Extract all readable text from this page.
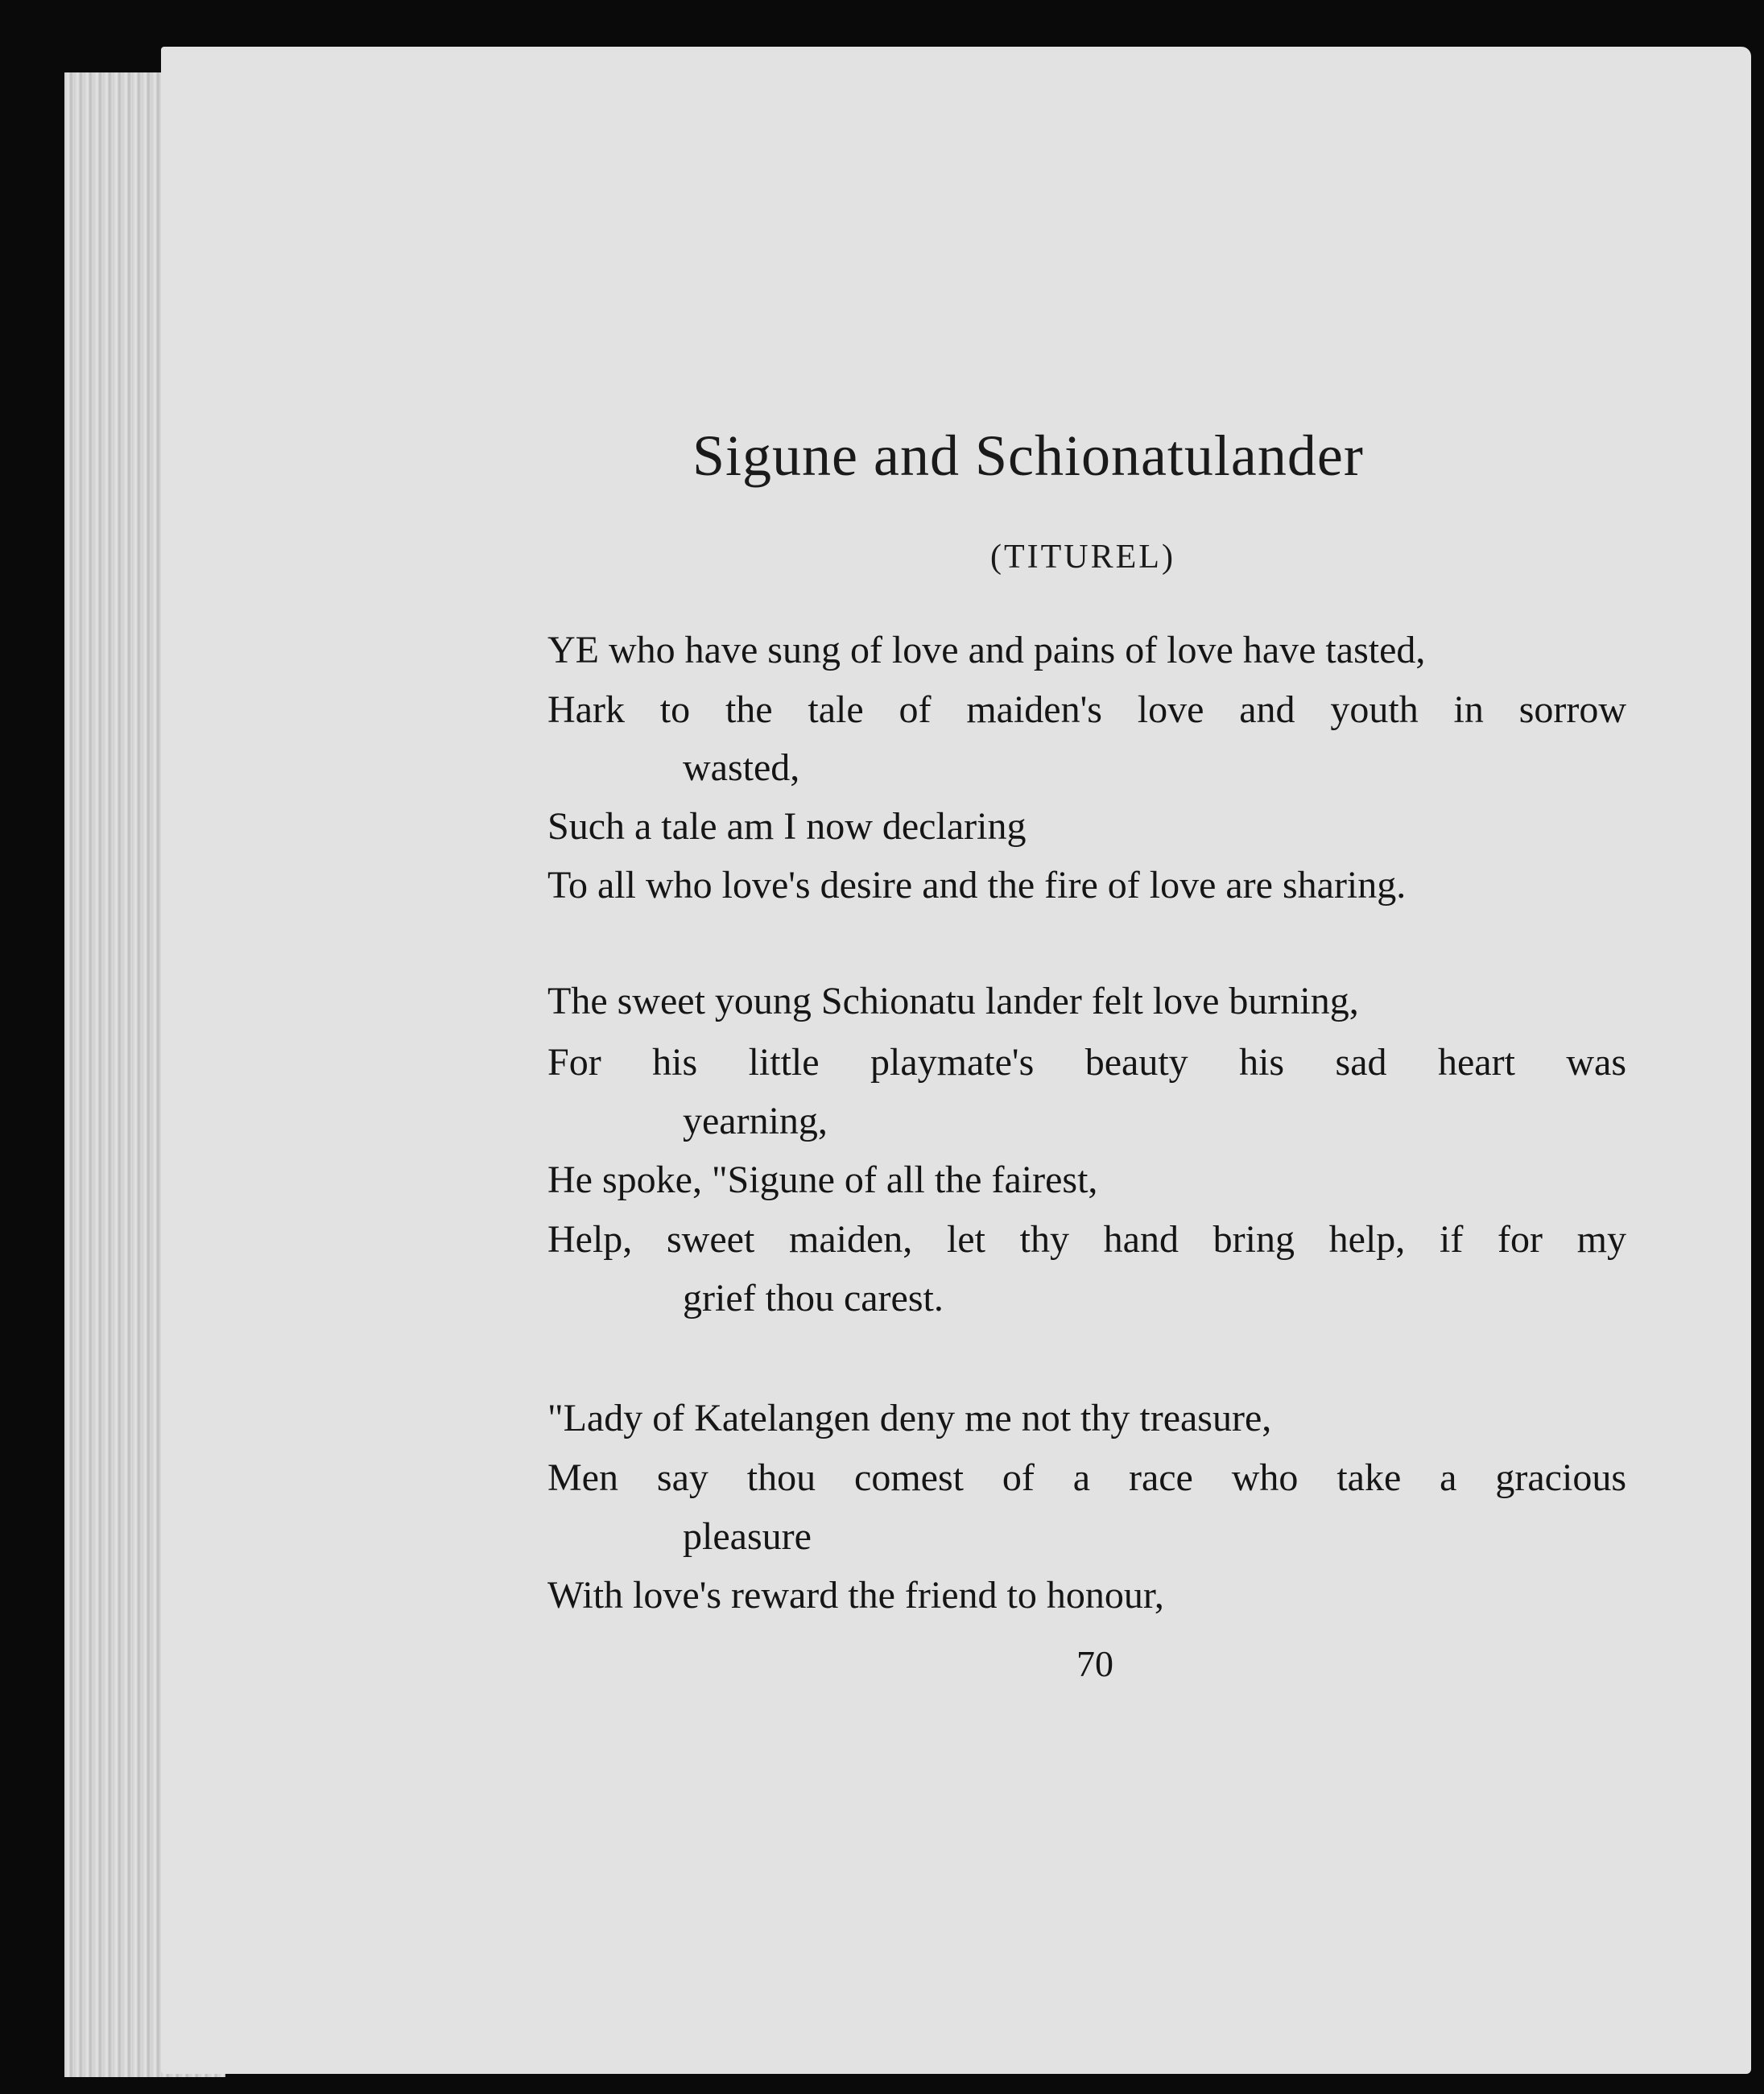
Sigune and Schionatulander
(TITUREL)
YE who have sung of love and pains of love have tasted,
Hark to the tale of maiden's love and youth in sorrow
wasted,
Such a tale am I now declaring
To all who love's desire and the fire of love are sharing.
The sweet young Schionatu lander felt love burning,
For his little playmate's beauty his sad heart was
yearning,
He spoke, "Sigune of all the fairest,
Help, sweet maiden, let thy hand bring help, if for my
grief thou carest.
"Lady of Katelangen deny me not thy treasure,
Men say thou comest of a race who take a gracious
pleasure
With love's reward the friend to honour,
70
